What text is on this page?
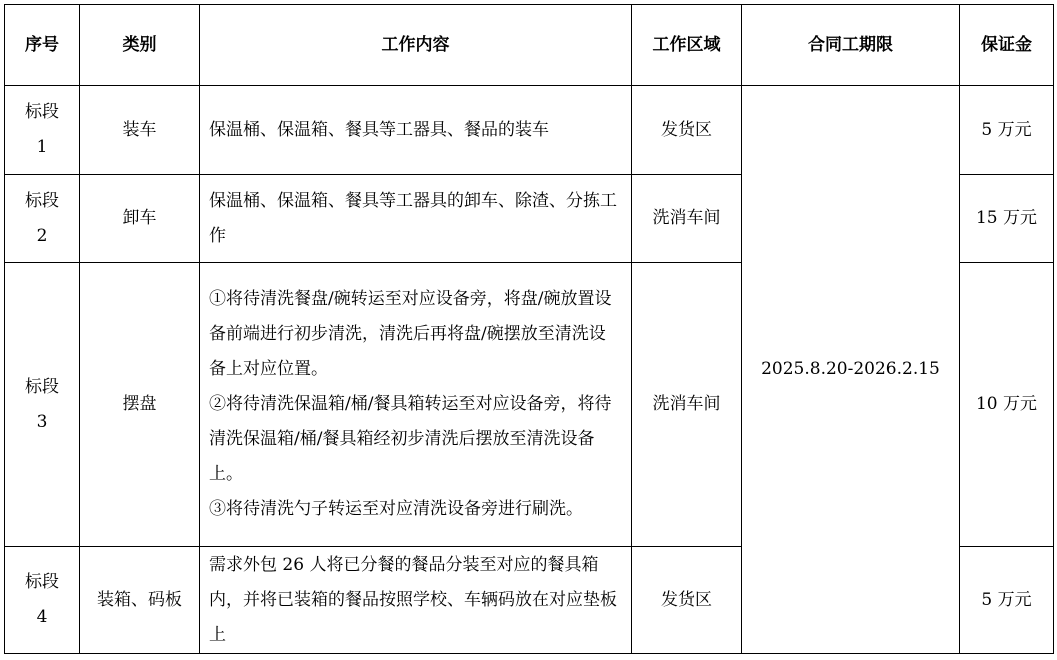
序号	类别	工作内容	工作区域	合同工期限	保证金

标段
1	装车	保温桶、保温箱、餐具等工器具、餐品的装车	发货区	2025.8.20-2026.2.15	5 万元

标段
2	卸车	保温桶、保温箱、餐具等工器具的卸车、除渣、分拣工作	洗消车间		15 万元

标段
3	摆盘	①将待清洗餐盘/碗转运至对应设备旁，将盘/碗放置设备前端进行初步清洗，清洗后再将盘/碗摆放至清洗设备上对应位置。
②将待清洗保温箱/桶/餐具箱转运至对应设备旁，将待清洗保温箱/桶/餐具箱经初步清洗后摆放至清洗设备上。
③将待清洗勺子转运至对应清洗设备旁进行刷洗。	洗消车间		10 万元

标段
4	装箱、码板	需求外包 26 人将已分餐的餐品分装至对应的餐具箱内，并将已装箱的餐品按照学校、车辆码放在对应垫板上	发货区		5 万元
